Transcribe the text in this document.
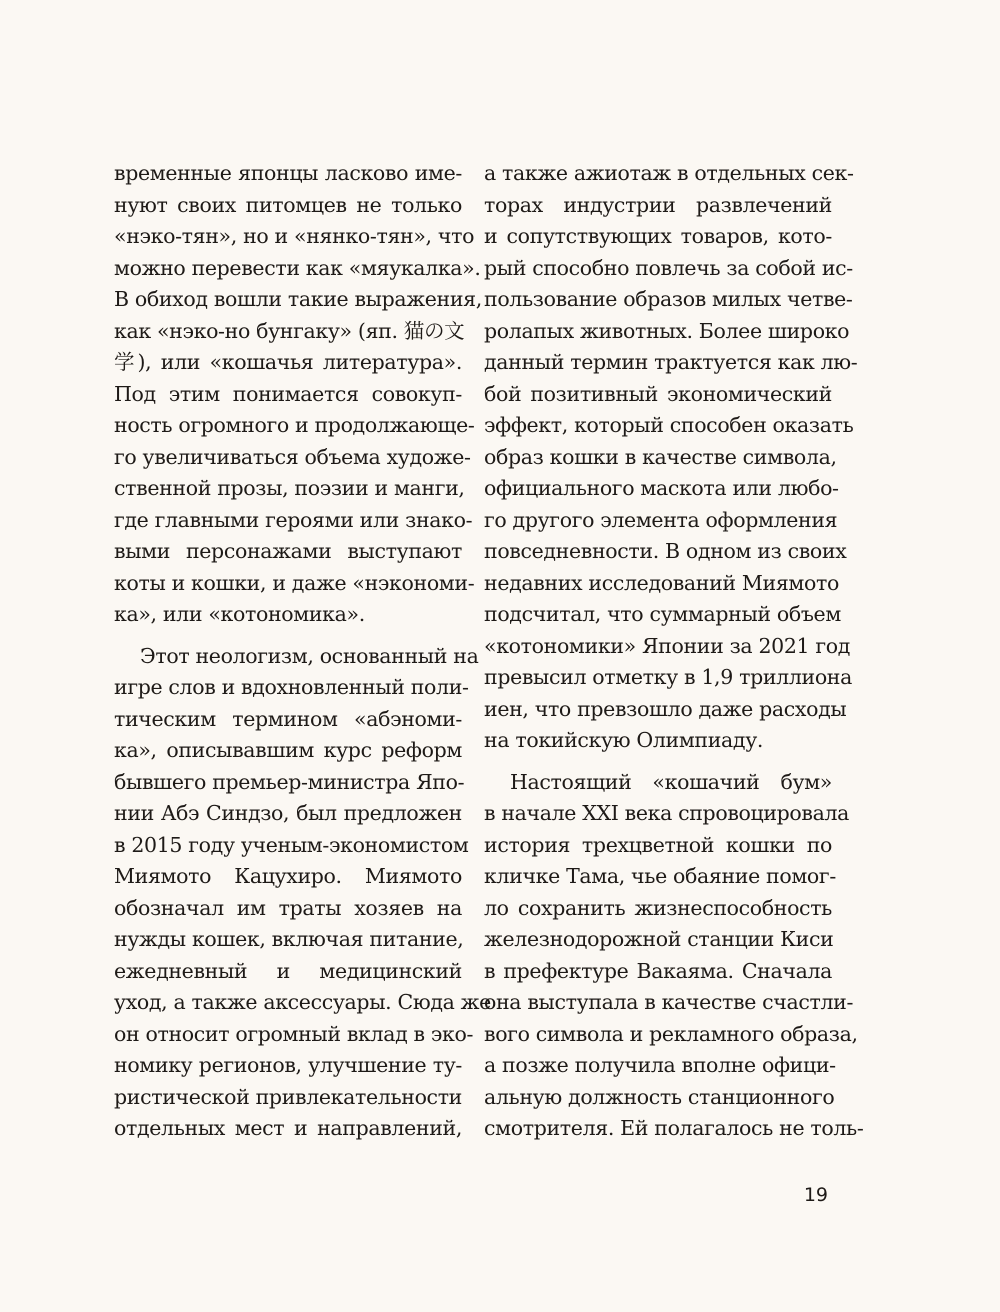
временные японцы ласково име-
нуют своих питомцев не только
«нэко-тян», но и «нянко-тян», что
можно перевести как «мяукалка».
В обиход вошли такие выражения,
как «нэко-но бунгаку» (яп. 猫の文
学), или «кошачья литература».
Под этим понимается совокуп-
ность огромного и продолжающе-
го увеличиваться объема художе-
ственной прозы, поэзии и манги,
где главными героями или знако-
выми персонажами выступают
коты и кошки, и даже «нэкономи-
ка», или «котономика».
Этот неологизм, основанный на
игре слов и вдохновленный поли-
тическим термином «абэноми-
ка», описывавшим курс реформ
бывшего премьер-министра Япо-
нии Абэ Синдзо, был предложен
в 2015 году ученым-экономистом
Миямото Кацухиро. Миямото
обозначал им траты хозяев на
нужды кошек, включая питание,
ежедневный и медицинский
уход, а также аксессуары. Сюда же
он относит огромный вклад в эко-
номику регионов, улучшение ту-
ристической привлекательности
отдельных мест и направлений,
а также ажиотаж в отдельных сек-
торах индустрии развлечений
и сопутствующих товаров, кото-
рый способно повлечь за собой ис-
пользование образов милых четве-
ролапых животных. Более широко
данный термин трактуется как лю-
бой позитивный экономический
эффект, который способен оказать
образ кошки в качестве символа,
официального маскота или любо-
го другого элемента оформления
повседневности. В одном из своих
недавних исследований Миямото
подсчитал, что суммарный объем
«котономики» Японии за 2021 год
превысил отметку в 1,9 триллиона
иен, что превзошло даже расходы
на токийскую Олимпиаду.
Настоящий «кошачий бум»
в начале XXI века спровоцировала
история трехцветной кошки по
кличке Тама, чье обаяние помог-
ло сохранить жизнеспособность
железнодорожной станции Киси
в префектуре Вакаяма. Сначала
она выступала в качестве счастли-
вого символа и рекламного образа,
а позже получила вполне офици-
альную должность станционного
смотрителя. Ей полагалось не толь-
19
